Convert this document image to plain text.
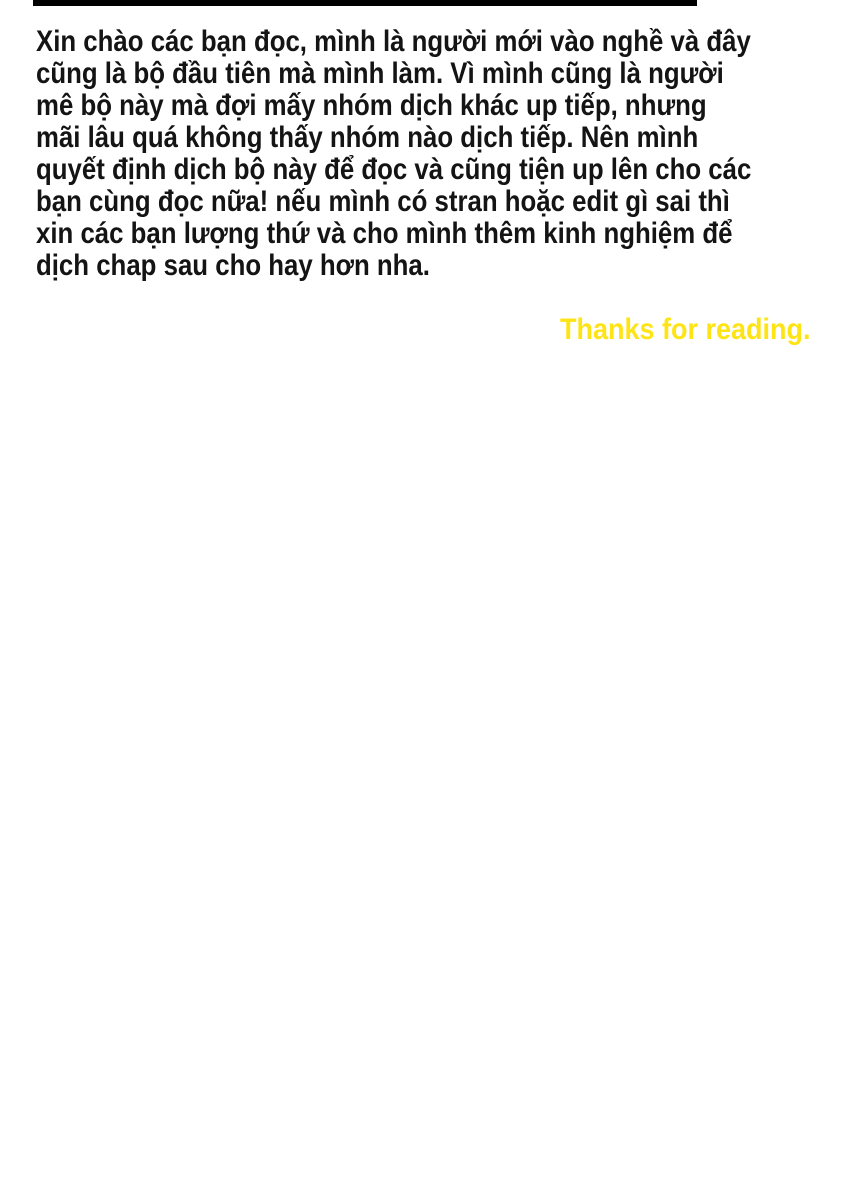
Xin chào các bạn đọc, mình là người mới vào nghề và đây
cũng là bộ đầu tiên mà mình làm. Vì mình cũng là người
mê bộ này mà đợi mấy nhóm dịch khác up tiếp, nhưng
mãi lâu quá không thấy nhóm nào dịch tiếp. Nên mình
quyết định dịch bộ này để đọc và cũng tiện up lên cho các
bạn cùng đọc nữa! nếu mình có stran hoặc edit gì sai thì
xin các bạn lượng thứ và cho mình thêm kinh nghiệm để
dịch chap sau cho hay hơn nha.
Thanks for reading.
